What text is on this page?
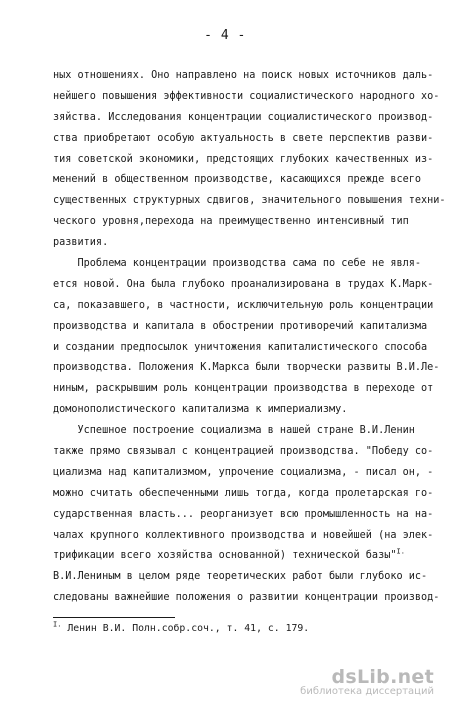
- 4 -
ных отношениях. Оно направлено на поиск новых источников даль-
нейшего повышения эффективности социалистического народного хо-
зяйства. Исследования концентрации социалистического производ-
ства приобретают особую актуальность в свете перспектив разви-
тия советской экономики, предстоящих глубоких качественных из-
менений в общественном производстве, касающихся прежде всего
существенных структурных сдвигов, значительного повышения техни-
ческого уровня,перехода на преимущественно интенсивный тип
развития.
Проблема концентрации производства сама по себе не явля-
ется новой. Она была глубоко проанализирована в трудах К.Марк-
са, показавшего, в частности, исключительную роль концентрации
производства и капитала в обострении противоречий капитализма
и создании предпосылок уничтожения капиталистического способа
производства. Положения К.Маркса были творчески развиты В.И.Ле-
ниным, раскрывшим роль концентрации производства в переходе от
домонополистического капитализма к империализму.
Успешное построение социализма в нашей стране В.И.Ленин
также прямо связывал с концентрацией производства. "Победу со-
циализма над капитализмом, упрочение социализма, - писал он, -
можно считать обеспеченными лишь тогда, когда пролетарская го-
сударственная власть... реорганизует всю промышленность на на-
чалах крупного коллективного производства и новейшей (на элек-
трификации всего хозяйства основанной) технической базы"$^{I.}$
В.И.Лениным в целом ряде теоретических работ были глубоко ис-
следованы важнейшие положения о развитии концентрации производ-
$^{I.}$ Ленин В.И. Полн.собр.соч., т. 41, с. 179.
dsLib.net
библиотека диссертаций
